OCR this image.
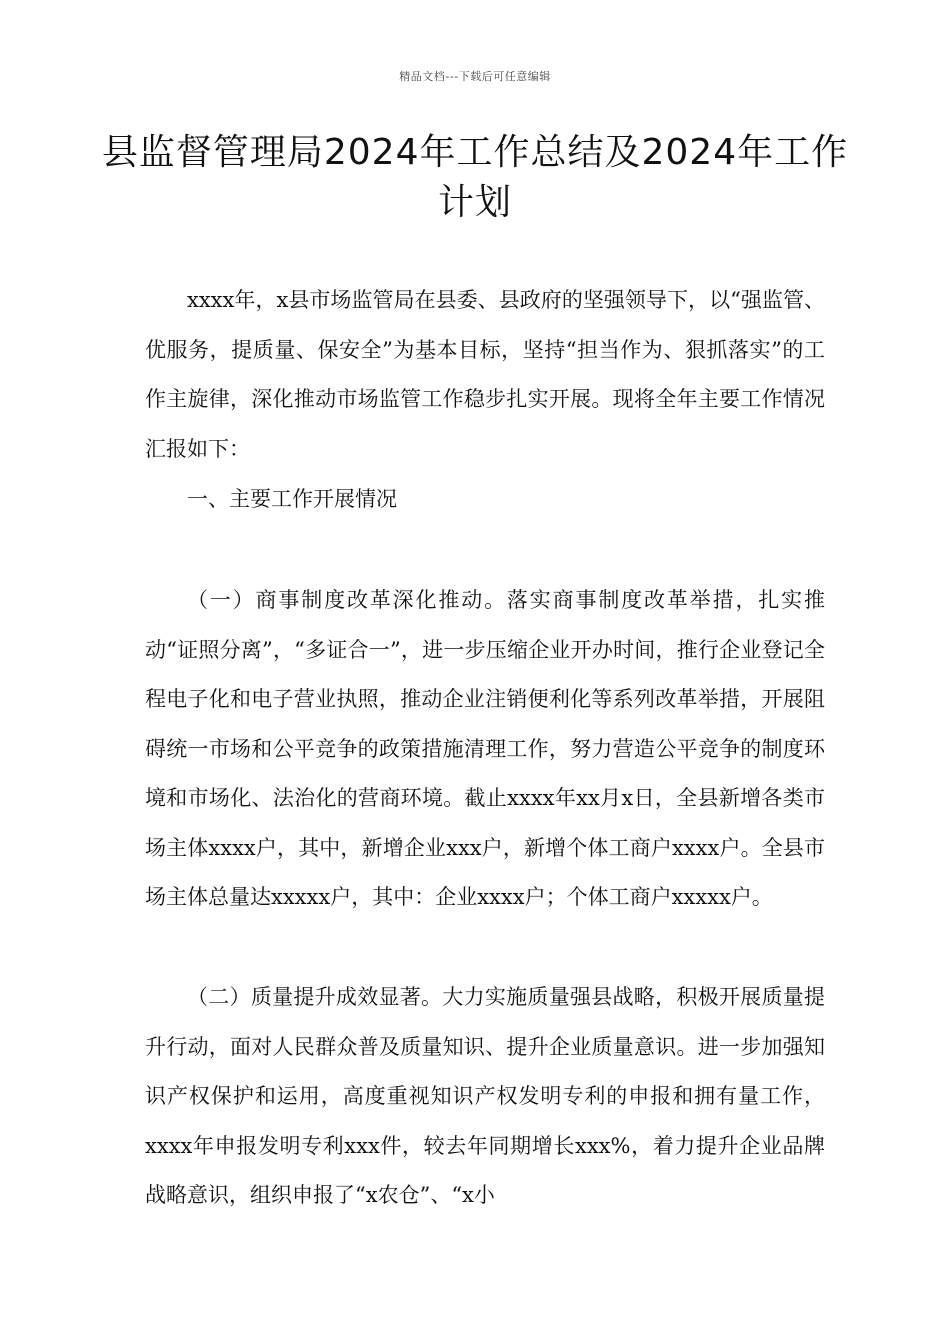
精品文档---下载后可任意编辑
县监督管理局2024年工作总结及2024年工作计划

xxxx年，x县市场监管局在县委、县政府的坚强领导下，以“强监管、优服务，提质量、保安全”为基本目标，坚持“担当作为、狠抓落实”的工作主旋律，深化推动市场监管工作稳步扎实开展。现将全年主要工作情况汇报如下：

一、主要工作开展情况

（一）商事制度改革深化推动。落实商事制度改革举措，扎实推动“证照分离”，“多证合一”，进一步压缩企业开办时间，推行企业登记全程电子化和电子营业执照，推动企业注销便利化等系列改革举措，开展阻碍统一市场和公平竞争的政策措施清理工作，努力营造公平竞争的制度环境和市场化、法治化的营商环境。截止xxxx年xx月x日，全县新增各类市场主体xxxx户，其中，新增企业xxx户，新增个体工商户xxxx户。全县市场主体总量达xxxxx户，其中：企业xxxx户；个体工商户xxxxx户。

（二）质量提升成效显著。大力实施质量强县战略，积极开展质量提升行动，面对人民群众普及质量知识、提升企业质量意识。进一步加强知识产权保护和运用，高度重视知识产权发明专利的申报和拥有量工作， xxxx年申报发明专利xxx件，较去年同期增长xxx%，着力提升企业品牌战略意识，组织申报了“x农仓”、“x小
